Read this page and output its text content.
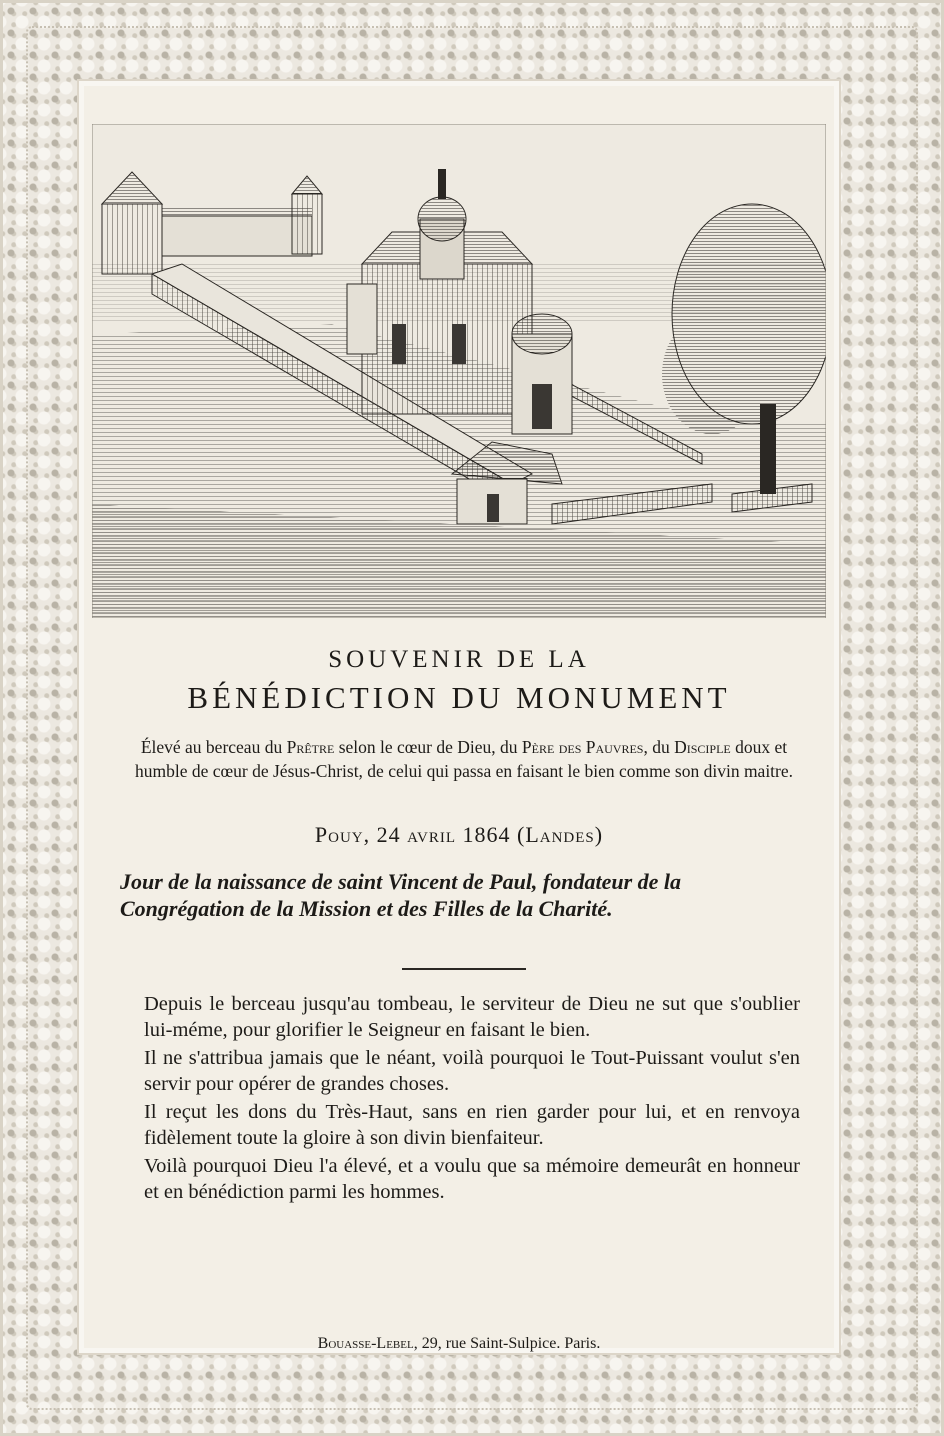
SOUVENIR DE LA
BÉNÉDICTION DU MONUMENT
Élevé au berceau du Prêtre selon le cœur de Dieu, du Père des Pauvres, du Disciple doux et humble de cœur de Jésus-Christ, de celui qui passa en faisant le bien comme son divin maitre.
Pouy, 24 avril 1864 (Landes)
Jour de la naissance de saint Vincent de Paul, fondateur de la Congrégation de la Mission et des Filles de la Charité.

Depuis le berceau jusqu'au tombeau, le serviteur de Dieu ne sut que s'oublier lui-méme, pour glorifier le Seigneur en faisant le bien.

Il ne s'attribua jamais que le néant, voilà pourquoi le Tout-Puissant voulut s'en servir pour opérer de grandes choses.

Il reçut les dons du Très-Haut, sans en rien garder pour lui, et en renvoya fidèlement toute la gloire à son divin bienfaiteur.

Voilà pourquoi Dieu l'a élevé, et a voulu que sa mémoire demeurât en honneur et en bénédiction parmi les hommes.

Bouasse-Lebel, 29, rue Saint-Sulpice. Paris.
